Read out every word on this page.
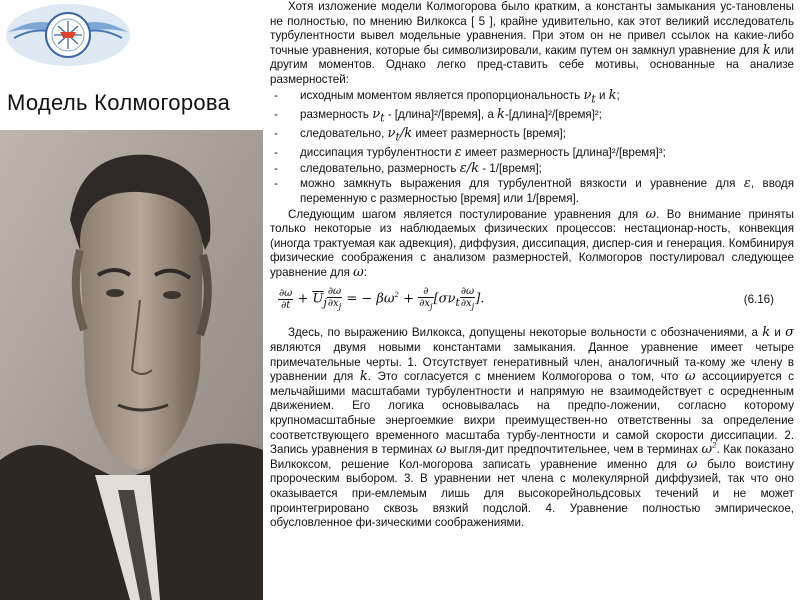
Модель Колмогорова

Хотя изложение модели Колмогорова было кратким, а константы замыкания ус-тановлены не полностью, по мнению Вилкокса [ 5 ], крайне удивительно, как этот великий исследователь турбулентности вывел модельные уравнения. При этом он не привел ссылок на какие-либо точные уравнения, которые бы символизировали, каким путем он замкнул уравнение для k или другим моментов. Однако легко пред-ставить себе мотивы, основанные на анализе размерностей:

- исходным моментом является пропорциональность $\nu_t$ и k;
- размерность $\nu_t$ - [длина]²/[время], а k-[длина]²/[время]²;
- следовательно, $\nu_t/k$ имеет размерность [время];
- диссипация турбулентности ε имеет размерность [длина]²/[время]³;
- следовательно, размерность ε/k - 1/[время];
- можно замкнуть выражения для турбулентной вязкости и уравнение для ε, вводя переменную с размерностью [время] или 1/[время].

Следующим шагом является постулирование уравнения для ω. Во внимание приняты только некоторые из наблюдаемых физических процессов: нестационар-ность, конвекция (иногда трактуемая как адвекция), диффузия, диссипация, диспер-сия и генерация. Комбинируя физические соображения с анализом размерностей, Колмогоров постулировал следующее уравнение для ω:

$\frac{\partial\omega}{\partial t} + \overline{U}_j \frac{\partial\omega}{\partial x_j}$ = − $\beta\omega^2 + \frac{\partial}{\partial x_j} [\sigma\nu_t \frac{\partial\omega}{\partial x_j}$ ].	(6.16)

Здесь, по выражению Вилкокса, допущены некоторые вольности с обозначениями, а k и σ являются двумя новыми константами замыкания. Данное уравнение имеет четыре примечательные черты. 1. Отсутствует генеративный член, аналогичный та-кому же члену в уравнении для k. Это согласуется с мнением Колмогорова о том, что ω ассоциируется с мельчайшими масштабами турбулентности и напрямую не взаимодействует с осредненным движением. Его логика основывалась на предпо-ложении, согласно которому крупномасштабные энергоемкие вихри преимуществен-но ответственны за определение соответствующего временного масштаба турбу-лентности и самой скорости диссипации. 2. Запись уравнения в терминах ω выгля-дит предпочтительнее, чем в терминах $\omega^2$. Как показано Вилкоксом, решение Кол-могорова записать уравнение именно для ω было воистину пророческим выбором. 3. В уравнении нет члена с молекулярной диффузией, так что оно оказывается при-емлемым лишь для высокорейнольдсовых течений и не может проинтегрировано сквозь вязкий подслой. 4. Уравнение полностью эмпирическое, обусловленное фи-зическими соображениями.
